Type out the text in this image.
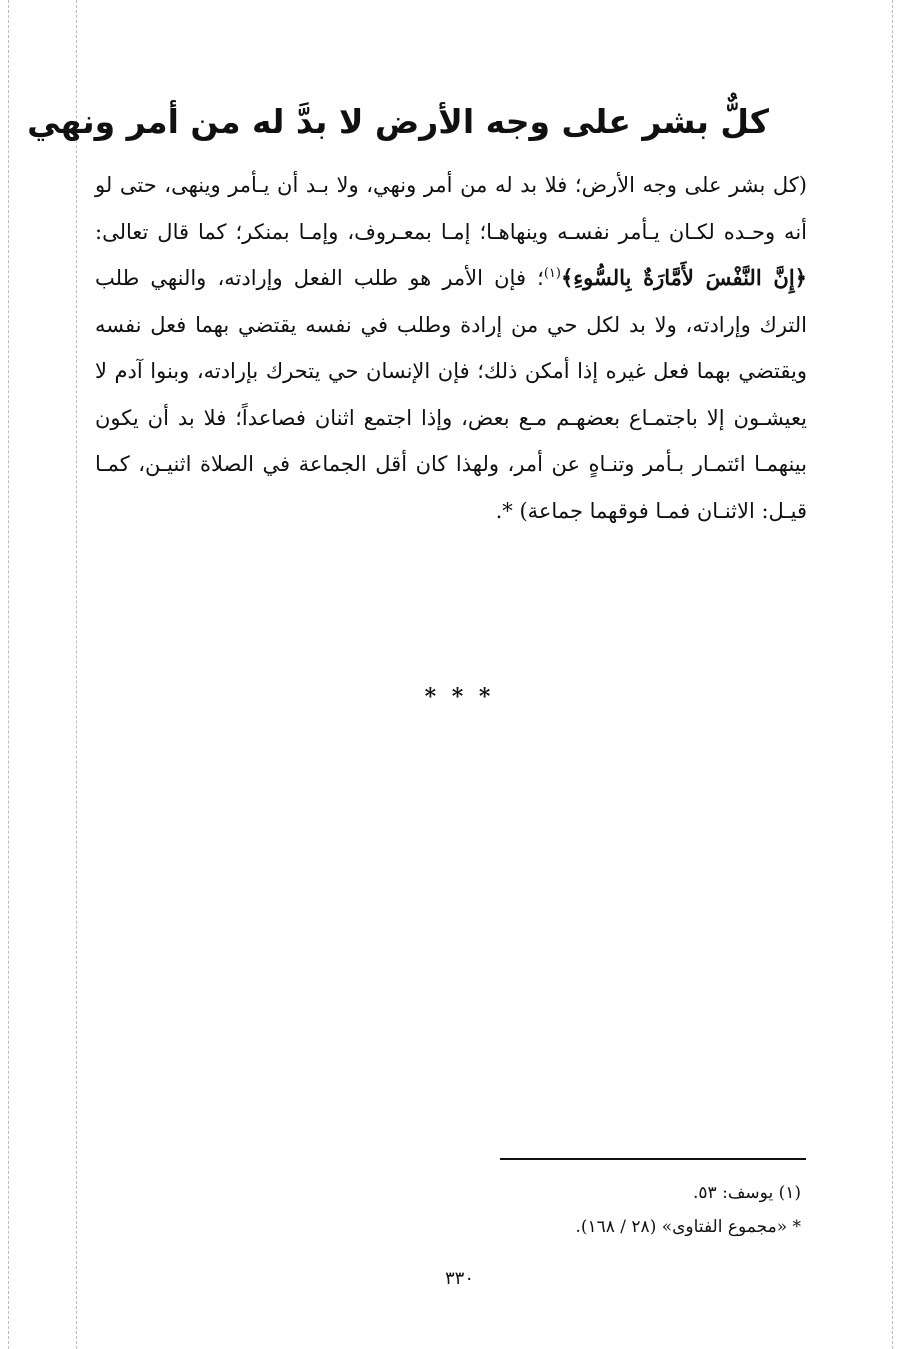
كلٌّ بشر على وجه الأرض لا بدَّ له من أمر ونهي

(كل بشر على وجه الأرض؛ فلا بد له من أمر ونهي، ولا بـد أن يـأمر وينهى، حتى لو أنه وحـده لكـان يـأمر نفسـه وينهاهـا؛ إمـا بمعـروف، وإمـا بمنكر؛ كما قال تعالى: ﴿إِنَّ النَّفْسَ لأَمَّارَةٌ بِالسُّوءِ﴾$^{(١)}$؛ فإن الأمر هو طلب الفعل وإرادته، والنهي طلب الترك وإرادته، ولا بد لكل حي من إرادة وطلب في نفسه يقتضي بهما فعل نفسه ويقتضي بهما فعل غيره إذا أمكن ذلك؛ فإن الإنسان حي يتحرك بإرادته، وبنوا آدم لا يعيشـون إلا باجتمـاع بعضهـم مـع بعض، وإذا اجتمع اثنان فصاعداً؛ فلا بد أن يكون بينهمـا ائتمـار بـأمر وتنـاهٍ عن أمر، ولهذا كان أقل الجماعة في الصلاة اثنيـن، كمـا قيـل: الاثنـان فمـا فوقهما جماعة) *.

* * *

(١) يوسف: ٥٣.

* «مجموع الفتاوى» (٢٨ / ١٦٨).

٣٣٠
